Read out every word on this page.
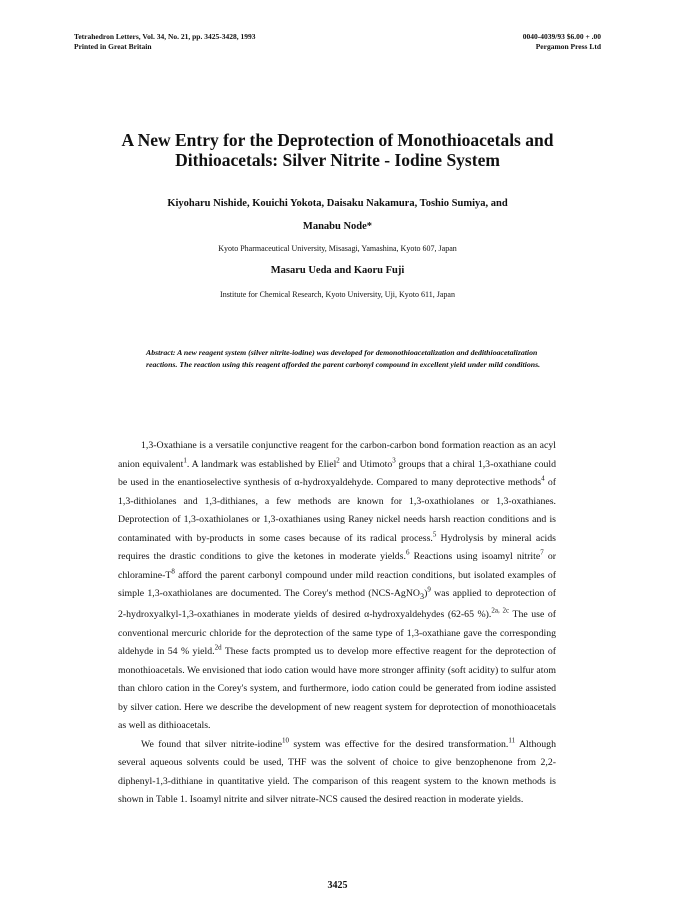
Tetrahedron Letters, Vol. 34, No. 21, pp. 3425-3428, 1993
Printed in Great Britain
0040-4039/93 $6.00 + .00
Pergamon Press Ltd
A New Entry for the Deprotection of Monothioacetals and
Dithioacetals: Silver Nitrite - Iodine System
Kiyoharu Nishide, Kouichi Yokota, Daisaku Nakamura, Toshio Sumiya, and
Manabu Node*
Kyoto Pharmaceutical University, Misasagi, Yamashina, Kyoto 607, Japan
Masaru Ueda and Kaoru Fuji
Institute for Chemical Research, Kyoto University, Uji, Kyoto 611, Japan

Abstract: A new reagent system (silver nitrite-iodine) was developed for demonothioacetalization and dedithioacetalization reactions. The reaction using this reagent afforded the parent carbonyl compound in excellent yield under mild conditions.

1,3-Oxathiane is a versatile conjunctive reagent for the carbon-carbon bond formation reaction as an acyl anion equivalent$^1$. A landmark was established by Eliel$^2$ and Utimoto$^3$ groups that a chiral 1,3-oxathiane could be used in the enantioselective synthesis of α-hydroxyaldehyde. Compared to many deprotective methods$^4$ of 1,3-dithiolanes and 1,3-dithianes, a few methods are known for 1,3-oxathiolanes or 1,3-oxathianes. Deprotection of 1,3-oxathiolanes or 1,3-oxathianes using Raney nickel needs harsh reaction conditions and is contaminated with by-products in some cases because of its radical process.$^5$ Hydrolysis by mineral acids requires the drastic conditions to give the ketones in moderate yields.$^6$ Reactions using isoamyl nitrite$^7$ or chloramine-$T^8$ afford the parent carbonyl compound under mild reaction conditions, but isolated examples of simple 1,3-oxathiolanes are documented. The Corey's method (NCS-AgNO$_3$)$^9$ was applied to deprotection of 2-hydroxyalkyl-1,3-oxathianes in moderate yields of desired α-hydroxyaldehydes (62-65 %).$^{2a, 2c}$ The use of conventional mercuric chloride for the deprotection of the same type of 1,3-oxathiane gave the corresponding aldehyde in 54 % yield.$^{2d}$ These facts prompted us to develop more effective reagent for the deprotection of monothioacetals. We envisioned that iodo cation would have more stronger affinity (soft acidity) to sulfur atom than chloro cation in the Corey's system, and furthermore, iodo cation could be generated from iodine assisted by silver cation. Here we describe the development of new reagent system for deprotection of monothioacetals as well as dithioacetals.

We found that silver nitrite-iodine$^{10}$ system was effective for the desired transformation.$^{11}$ Although several aqueous solvents could be used, THF was the solvent of choice to give benzophenone from 2,2-diphenyl-1,3-dithiane in quantitative yield. The comparison of this reagent system to the known methods is shown in Table 1. Isoamyl nitrite and silver nitrate-NCS caused the desired reaction in moderate yields.

3425
